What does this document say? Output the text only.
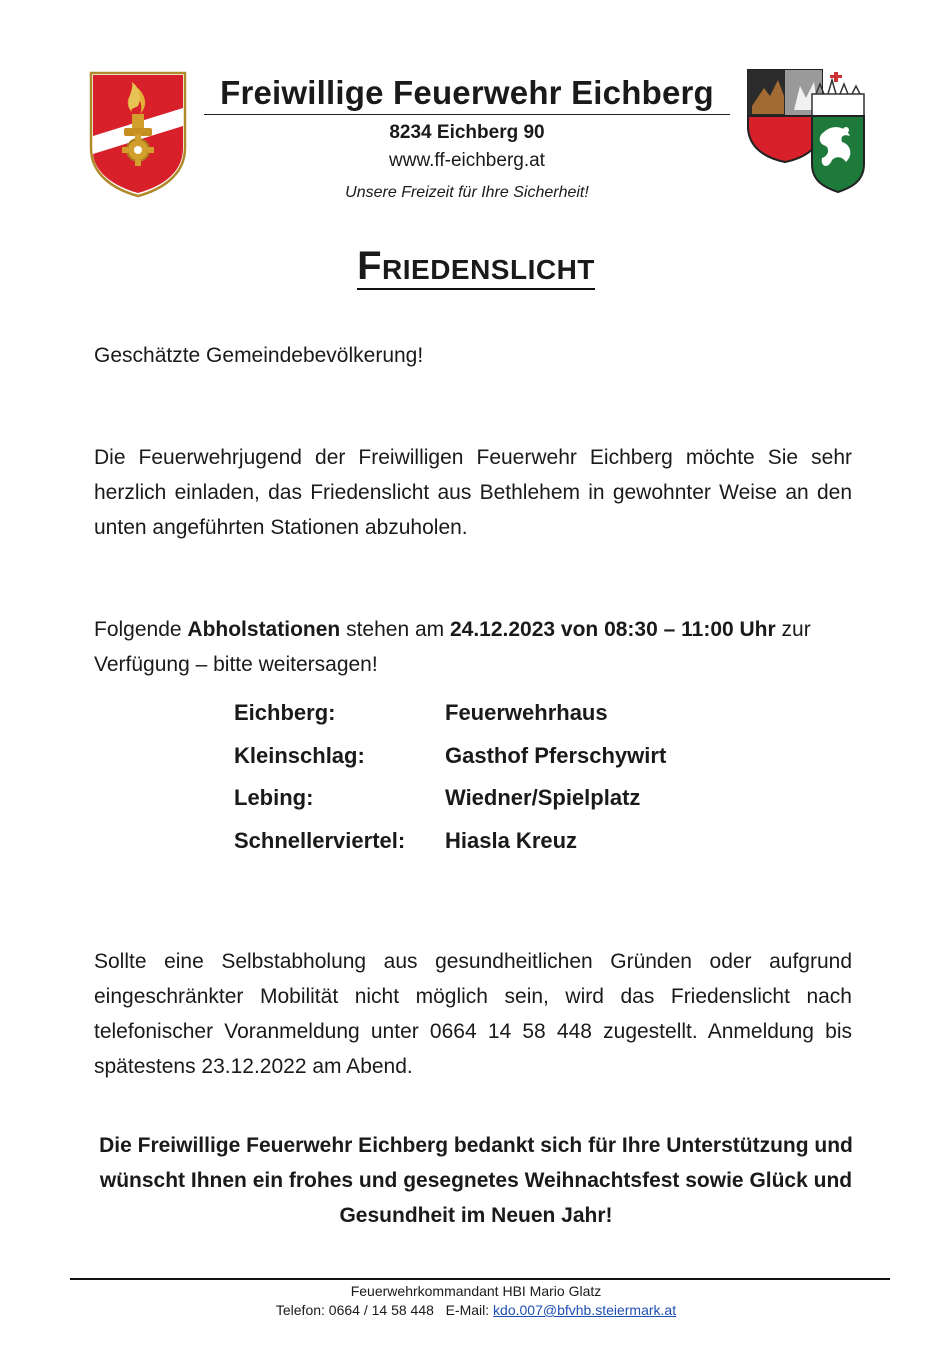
Freiwillige Feuerwehr Eichberg
8234 Eichberg 90
www.ff-eichberg.at
Unsere Freizeit für Ihre Sicherheit!
Friedenslicht
Geschätzte Gemeindebevölkerung!
Die Feuerwehrjugend der Freiwilligen Feuerwehr Eichberg möchte Sie sehr herzlich einladen, das Friedenslicht aus Bethlehem in gewohnter Weise an den unten angeführten Stationen abzuholen.
Folgende Abholstationen stehen am 24.12.2023 von 08:30 – 11:00 Uhr zur Verfügung – bitte weitersagen!
Eichberg:	Feuerwehrhaus
Kleinschlag:	Gasthof Pferschywirt
Lebing:	Wiedner/Spielplatz
Schnellerviertel:	Hiasla Kreuz
Sollte eine Selbstabholung aus gesundheitlichen Gründen oder aufgrund eingeschränkter Mobilität nicht möglich sein, wird das Friedenslicht nach telefonischer Voranmeldung unter 0664 14 58 448 zugestellt. Anmeldung bis spätestens 23.12.2022 am Abend.
Die Freiwillige Feuerwehr Eichberg bedankt sich für Ihre Unterstützung und wünscht Ihnen ein frohes und gesegnetes Weihnachtsfest sowie Glück und Gesundheit im Neuen Jahr!
Feuerwehrkommandant HBI Mario Glatz
Telefon: 0664 / 14 58 448 E-Mail: kdo.007@bfvhb.steiermark.at
